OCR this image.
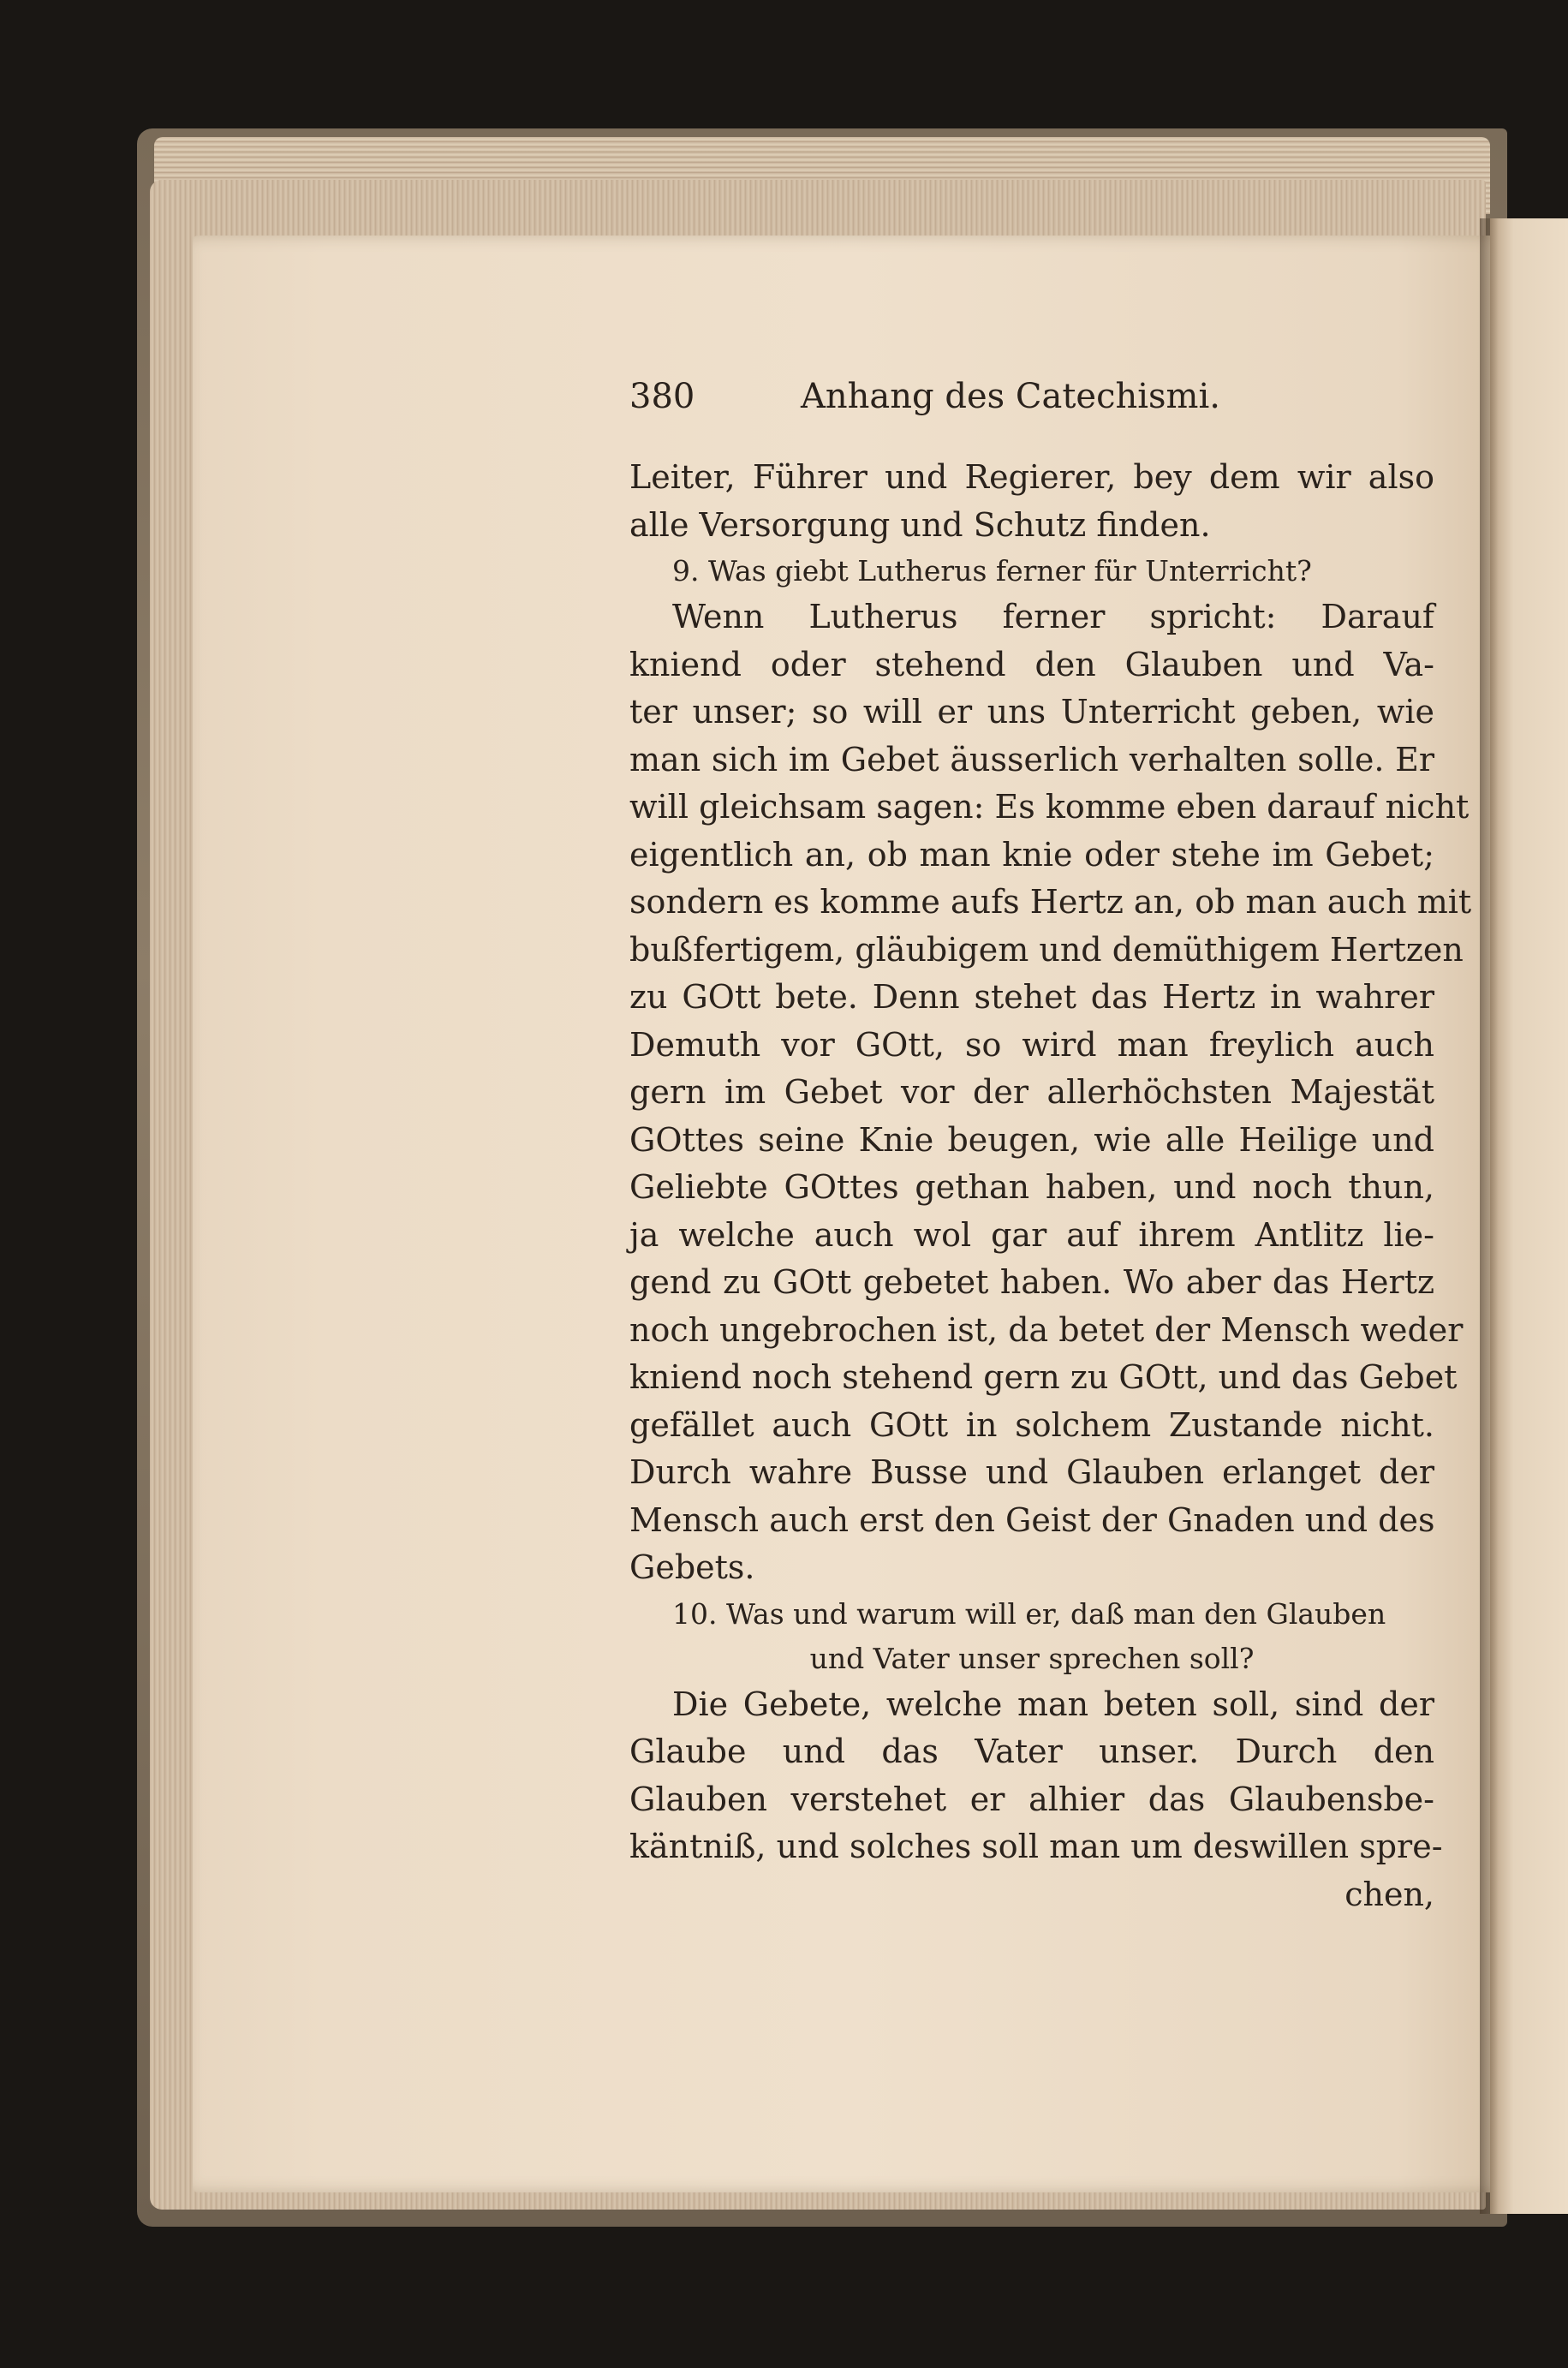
380	Anhang des Catechismi.
Leiter, Führer und Regierer, bey dem wir also
alle Versorgung und Schutz finden.
9. Was giebt Lutherus ferner für Unterricht?
Wenn Lutherus ferner spricht: Darauf
kniend oder stehend den Glauben und Va-
ter unser; so will er uns Unterricht geben, wie
man sich im Gebet äusserlich verhalten solle. Er
will gleichsam sagen: Es komme eben darauf nicht
eigentlich an, ob man knie oder stehe im Gebet;
sondern es komme aufs Hertz an, ob man auch mit
bußfertigem, gläubigem und demüthigem Hertzen
zu GOtt bete. Denn stehet das Hertz in wahrer
Demuth vor GOtt, so wird man freylich auch
gern im Gebet vor der allerhöchsten Majestät
GOttes seine Knie beugen, wie alle Heilige und
Geliebte GOttes gethan haben, und noch thun,
ja welche auch wol gar auf ihrem Antlitz lie-
gend zu GOtt gebetet haben. Wo aber das Hertz
noch ungebrochen ist, da betet der Mensch weder
kniend noch stehend gern zu GOtt, und das Gebet
gefället auch GOtt in solchem Zustande nicht.
Durch wahre Busse und Glauben erlanget der
Mensch auch erst den Geist der Gnaden und des
Gebets.
10. Was und warum will er, daß man den Glauben
und Vater unser sprechen soll?
Die Gebete, welche man beten soll, sind der
Glaube und das Vater unser. Durch den
Glauben verstehet er alhier das Glaubensbe-
käntniß, und solches soll man um deswillen spre-
chen,
